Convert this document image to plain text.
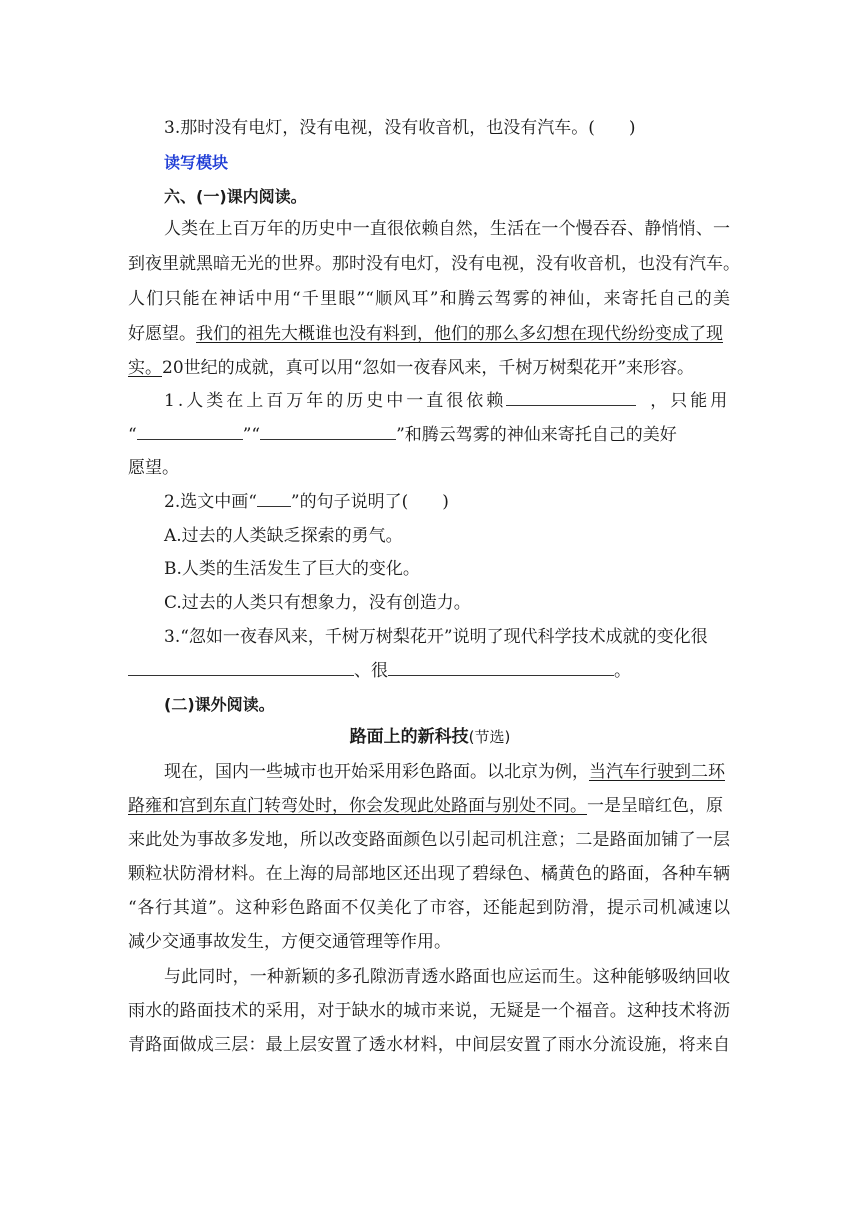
3.那时没有电灯，没有电视，没有收音机，也没有汽车。(　　)
读写模块
六、(一)课内阅读。
人类在上百万年的历史中一直很依赖自然，生活在一个慢吞吞、静悄悄、一
到夜里就黑暗无光的世界。那时没有电灯，没有电视，没有收音机，也没有汽车。
人们只能在神话中用“千里眼”“顺风耳”和腾云驾雾的神仙，来寄托自己的美
好愿望。我们的祖先大概谁也没有料到，他们的那么多幻想在现代纷纷变成了现
实。20世纪的成就，真可以用“忽如一夜春风来，千树万树梨花开”来形容。
1.人类在上百万年的历史中一直很依赖	，只能用
“	”“	”和腾云驾雾的神仙来寄托自己的美好
愿望。
2.选文中画“ ”的句子说明了(　　)
A.过去的人类缺乏探索的勇气。
B.人类的生活发生了巨大的变化。
C.过去的人类只有想象力，没有创造力。
3.“忽如一夜春风来，千树万树梨花开”说明了现代科学技术成就的变化很
、很	。
(二)课外阅读。
路面上的新科技(节选)
现在，国内一些城市也开始采用彩色路面。以北京为例，当汽车行驶到二环
路雍和宫到东直门转弯处时，你会发现此处路面与别处不同。一是呈暗红色，原
来此处为事故多发地，所以改变路面颜色以引起司机注意；二是路面加铺了一层
颗粒状防滑材料。在上海的局部地区还出现了碧绿色、橘黄色的路面，各种车辆
“各行其道”。这种彩色路面不仅美化了市容，还能起到防滑，提示司机减速以
减少交通事故发生，方便交通管理等作用。
与此同时，一种新颖的多孔隙沥青透水路面也应运而生。这种能够吸纳回收
雨水的路面技术的采用，对于缺水的城市来说，无疑是一个福音。这种技术将沥
青路面做成三层：最上层安置了透水材料，中间层安置了雨水分流设施，将来自
